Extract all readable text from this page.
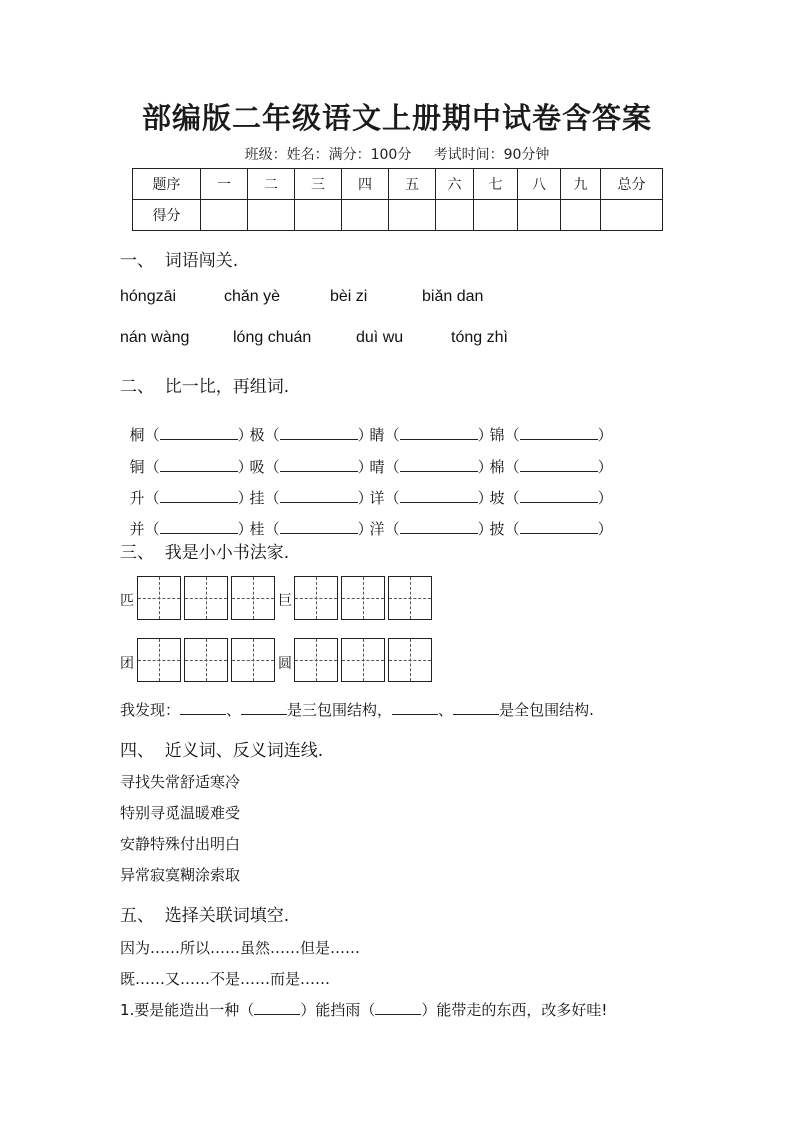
部编版二年级语文上册期中试卷含答案
班级：姓名：满分：100分     考试时间：90分钟
题序	一	二	三	四	五	六	七	八	九	总分
得分										
一、  词语闯关.
hóngzāi	chǎn yè	bèi zi	biǎn dan
nán wàng	lóng chuán	duì wu	tóng zhì
二、  比一比，再组词.

桐（	）极（	）睛（	）锦（	）

铜（	）吸（	）晴（	）棉（	）

升（	）挂（	）详（	）坡（	）

并（	）桂（	）洋（	）披（	）

三、  我是小小书法家.
匹	巨
团	圆
我发现：	、	是三包围结构，	、	是全包围结构.
四、  近义词、反义词连线.
寻找失常舒适寒冷
特别寻觅温暖难受
安静特殊付出明白
异常寂寞糊涂索取
五、  选择关联词填空.
因为……所以……虽然……但是……
既……又……不是……而是……
1.要是能造出一种（	）能挡雨（	）能带走的东西，改多好哇!
